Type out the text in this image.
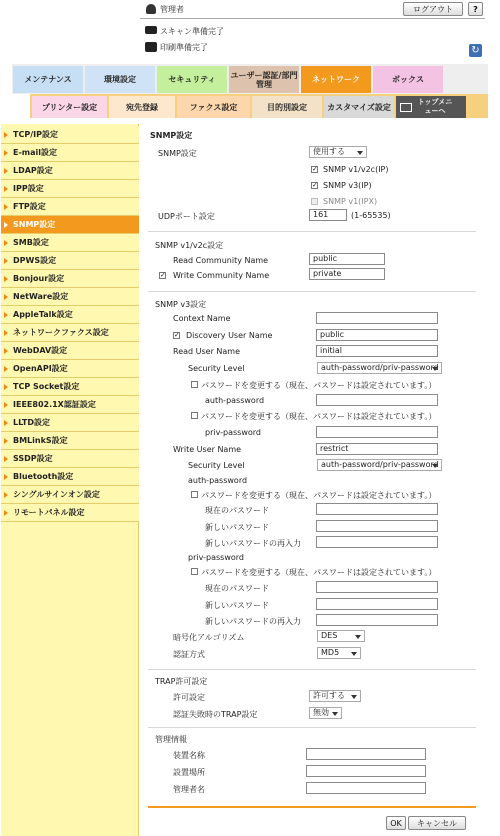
管理者	ログアウト	?
スキャン準備完了
印刷準備完了	↻
メンテナンス	環境設定	セキュリティ	ユーザー認証/部門管理	ネットワーク	ボックス
プリンター設定	宛先登録	ファクス設定	目的別設定	カスタマイズ設定
トップメニューへ
TCP/IP設定
E-mail設定
LDAP設定
IPP設定
FTP設定
SNMP設定
SMB設定
DPWS設定
Bonjour設定
NetWare設定
AppleTalk設定
ネットワークファクス設定
WebDAV設定
OpenAPI設定
TCP Socket設定
IEEE802.1X認証設定
LLTD設定
BMLinkS設定
SSDP設定
Bluetooth設定
シングルサインオン設定
リモートパネル設定
SNMP設定
SNMP設定	使用する
✓ SNMP v1/v2c(IP)
✓ SNMP v3(IP)
SNMP v1(IPX)
UDPポート設定	161	(1-65535)
SNMP v1/v2c設定
Read Community Name	public
✓ Write Community Name	private
SNMP v3設定
Context Name
✓ Discovery User Name	public
Read User Name	initial
Security Level	auth-password/priv-password
パスワードを変更する（現在、パスワードは設定されています。）
auth-password
パスワードを変更する（現在、パスワードは設定されています。）
priv-password
Write User Name	restrict
Security Level	auth-password/priv-password
auth-password
パスワードを変更する（現在、パスワードは設定されています。）
現在のパスワード
新しいパスワード
新しいパスワードの再入力
priv-password
パスワードを変更する（現在、パスワードは設定されています。）
現在のパスワード
新しいパスワード
新しいパスワードの再入力
暗号化アルゴリズム	DES
認証方式	MD5
TRAP許可設定
許可設定	許可する
認証失敗時のTRAP設定	無効
管理情報
装置名称
設置場所
管理者名
OK	キャンセル
